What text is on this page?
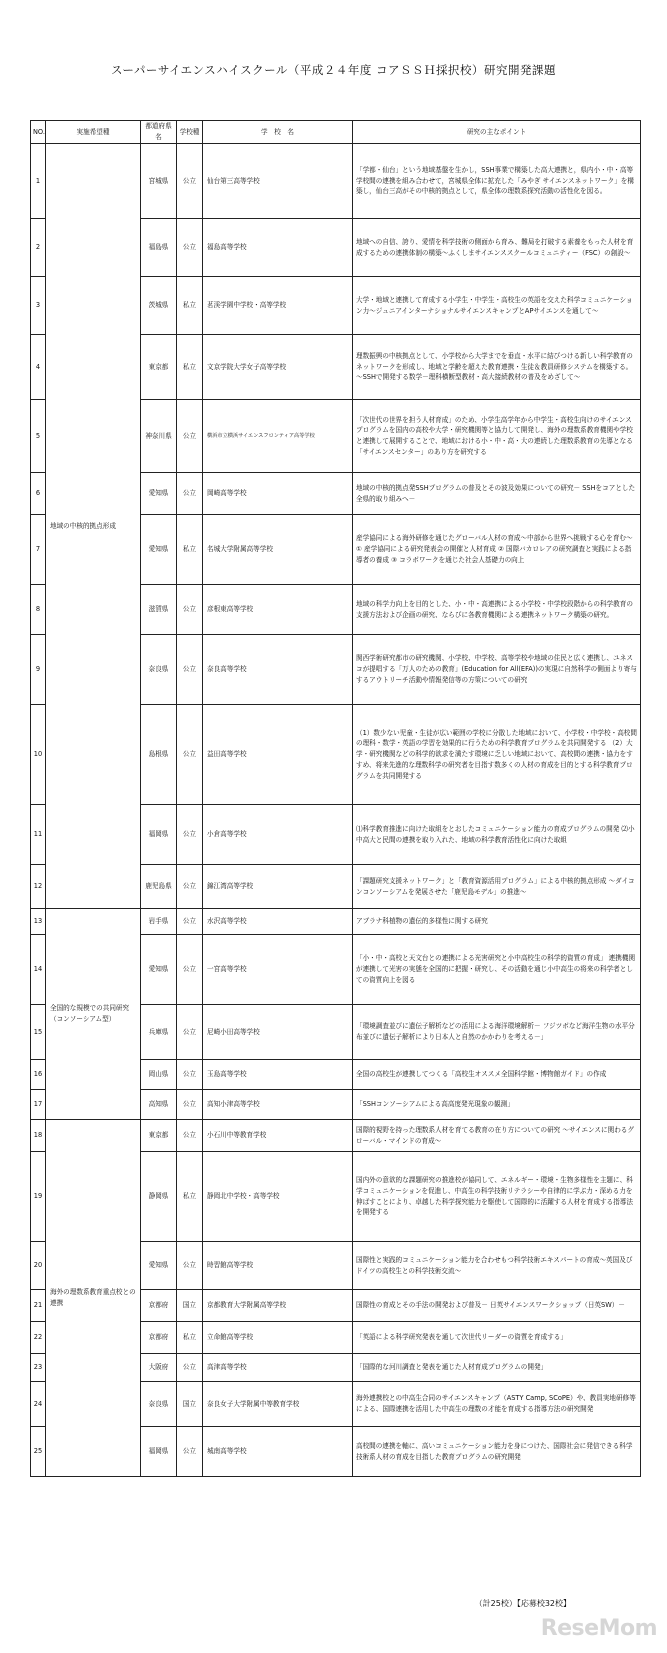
スーパーサイエンスハイスクール（平成２４年度 コアＳＳＨ採択校）研究開発課題
NO.	実施希望種	都道府県名	学校種	学　校　名	研究の主なポイント
1	地域の中核的拠点形成	宮城県	公立	仙台第三高等学校	「学都・仙台」という地域基盤を生かし，SSH事業で構築した高大連携と，県内小・中・高等学校間の連携を組み合わせて，宮城県全体に拡充した「みやぎ サイエンスネットワーク」を構築し，仙台三高がその中核的拠点として，県全体の理数系探究活動の活性化を図る。
2		福島県	公立	福島高等学校	地域への自信、誇り、愛情を科学技術の側面から育み、難局を打破する素養をもった人材を育成するための連携体制の構築～ふくしまサイエンススクールコミュニティー（FSC）の創設～
3		茨城県	私立	茗渓学園中学校・高等学校	大学・地域と連携して育成する小学生・中学生・高校生の英語を交えた科学コミュニケーション力～ジュニアインターナショナルサイエンスキャンプとAPサイエンスを通して～
4		東京都	私立	文京学院大学女子高等学校	理数振興の中核拠点として、小学校から大学までを垂直・水平に結びつける新しい科学教育のネットワークを形成し、地域と学齢を超えた教育連携・生徒＆教員研修システムを構築する。～SSHで開発する数学－理科横断型教材・高大接続教材の普及をめざして～
5		神奈川県	公立	横浜市立横浜サイエンスフロンティア高等学校	「次世代の世界を担う人材育成」のため、小学生高学年から中学生・高校生向けのサイエンスプログラムを国内の高校や大学・研究機関等と協力して開発し、海外の理数系教育機関や学校と連携して展開することで、地域における小・中・高・大の連続した理数系教育の先導となる「サイエンスセンター」のあり方を研究する
6		愛知県	公立	岡崎高等学校	地域の中核的拠点発SSHプログラムの普及とその波及効果についての研究－ SSHをコアとした全県的取り組みへ－
7		愛知県	私立	名城大学附属高等学校	産学協同による海外研修を通じたグローバル人材の育成～中部から世界へ挑戦する心を育む～ ① 産学協同による研究発表会の開催と人材育成 ② 国際バカロレアの研究調査と実践による指導者の養成 ③ コラボワークを通じた社会人基礎力の向上
8		滋賀県	公立	彦根東高等学校	地域の科学力向上を目的とした、小・中・高連携による小学校・中学校段階からの科学教育の支援方法および企画の研究、ならびに各教育機関による連携ネットワーク構築の研究。
9		奈良県	公立	奈良高等学校	関西学術研究都市の研究機関、小学校、中学校、高等学校や地域の住民と広く連携し、ユネスコが提唱する「万人のための教育」(Education for All(EFA))の実現に自然科学の側面より寄与するアウトリーチ活動や情報発信等の方策についての研究
10		島根県	公立	益田高等学校	（1）数少ない児童・生徒が広い範囲の学校に分散した地域において、小学校・中学校・高校間の理科・数学・英語の学習を効果的に行うための科学教育プログラムを共同開発する （2）大学・研究機関などの科学的欲求を満たす環境に乏しい地域において、高校間の連携・協力をすすめ、将来先進的な理数科学の研究者を目指す数多くの人材の育成を目的とする科学教育プログラムを共同開発する
11		福岡県	公立	小倉高等学校	⑴科学教育推進に向けた取組をとおしたコミュニケーション能力の育成プログラムの開発 ⑵小中高大と民間の連携を取り入れた、地域の科学教育活性化に向けた取組
12		鹿児島県	公立	錦江湾高等学校	「課題研究支援ネットワーク」と「教育資源活用プログラム」による中核的拠点形成 ～ダイコンコンソーシアムを発展させた「鹿児島モデル」の推進～
13	全国的な規模での共同研究（コンソーシアム型）	岩手県	公立	水沢高等学校	アブラナ科植物の遺伝的多様性に関する研究
14		愛知県	公立	一宮高等学校	「小・中・高校と天文台との連携による光害研究と小中高校生の科学的資質の育成」 連携機関が連携して光害の実態を全国的に把握・研究し、その活動を通じ小中高生の将来の科学者としての資質向上を図る
15		兵庫県	公立	尼崎小田高等学校	「環境調査並びに遺伝子解析などの活用による海洋環境解析－ フジツボなど海洋生物の水平分布並びに遺伝子解析により日本人と自然のかかわりを考える－」
16		岡山県	公立	玉島高等学校	全国の高校生が連携してつくる「高校生オススメ全国科学館・博物館ガイド」の作成
17		高知県	公立	高知小津高等学校	「SSHコンソーシアムによる高高度発光現象の観測」
18	海外の理数系教育重点校との連携	東京都	公立	小石川中等教育学校	国際的視野を持った理数系人材を育てる教育の在り方についての研究 ～サイエンスに関わるグローバル・マインドの育成～
19		静岡県	私立	静岡北中学校・高等学校	国内外の意欲的な課題研究の推進校が協同して、エネルギー・環境・生物多様性を主題に、科学コミュニケーションを促進し、中高生の科学技術リテラシーや自律的に学ぶ力・深める力を伸ばすことにより、卓越した科学探究能力を駆使して国際的に活躍する人材を育成する指導法を開発する
20		愛知県	公立	時習館高等学校	国際性と実践的コミュニケーション能力を合わせもつ科学技術エキスパートの育成～英国及びドイツの高校生との科学技術交流～
21		京都府	国立	京都教育大学附属高等学校	国際性の育成とその手法の開発および普及－ 日英サイエンスワークショップ（日英SW）－
22		京都府	私立	立命館高等学校	「英語による科学研究発表を通して次世代リーダーの資質を育成する」
23		大阪府	公立	高津高等学校	「国際的な河川調査と発表を通じた人材育成プログラムの開発」
24		奈良県	国立	奈良女子大学附属中等教育学校	海外連携校との中高生合同のサイエンスキャンプ（ASTY Camp, SCoPE）や、教員実地研修等による、国際連携を活用した中高生の理数の才能を育成する指導方法の研究開発
25		福岡県	公立	城南高等学校	高校間の連携を軸に、高いコミュニケーション能力を身につけた、国際社会に発信できる科学技術系人材の育成を目指した教育プログラムの研究開発
（計25校）【応募校32校】
ReseMom
